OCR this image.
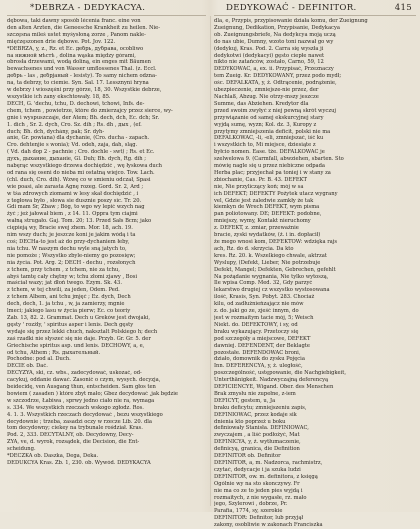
*DEBRZA - DEDYKACYA.	DEDYKOWAĆ - DEFINITOR.	415
dębowa, taki dawny sposób lécenia franc. eine von
den alten Ärzten, die Geneesche Krankheit zu heilen. Nie-
szczęsna mileś ustet myśysłoną zorze , Panom nakle-
mięćzęszonen drie dębowe. Pot. Jov. 122.
*DEBRZA, y, z., Rz. et Ec. дебрь, дубрава, ocobliwo
na нижной мѣстѣ , dolina wąska między górami,
obrosła drzewami, wodą doliną, ein enges mit Bäumen
bewachsenes und von Wasser umflossenes Thal. (z. Eccl.
дебрь - las , дебрjаный - lesisty). To samy nichem odzna-
na, ta debrzy, to ciemie. Syn. Sal. 17. Lessznyni hryna
w debrzy i wioszęśni przy górze, 18, 30. Wszystkie debrze,
wszystkie ich zany ekschtowały. 18, 85.
DECH, G. 'dechu, tchu, D. dechowi, tchowi, Infs. de-
chem, tchem , powietrze, które do zmierzajcy przez sierce, wy-
gnie i wyspuszczaje, der Atem; Bh. dech, dch, Ec. dch; Sr.
1. dich , Sr. 2. dych, Cro. Sz. dih ; Rs. dh , дых , (ef.
duch; Bh. dch, dychány, pak; Sr. dyh-
anie, Gr. powiana) dla dychanie, (Cro. ducha - zapach.
Cro. dehtenjie s wonia); Vd. odeh, zaja, dah, sląg.
( Vd. dah dop 2 - pachnie ; Cro. dochle - swt) ; Rs. et Ec.
духъ, дыхание, дыханіе, Gl. Duh; Bh. dych, Rg. dih ;
nabęrąc wszystkiego drzewa dochiędzić , wę łyskowa duch
od rana się oseni do nieba mi ostatną wiejco. Tow. Lach.
(chl. duch, Cro. dih). Wzwę co w smieniu odczał, Spasi
wie poasi, ale zarasta Agnę rozeg. Gord. Sr. 2, Ard ;
w tśa zdrowych ziomami w lesy skał dochiędzić , i
z tegłowa było , słowa sie dusznie poszy sic. Tr. 20.
Gdi mam Sr, Zbaw ; Bóg, to wgo wy lepić wzych nag
żyć ; jeż jałował biem , z 14. 11. Oppra tym ciajmi
wałną strugało. Gaj. Tom. 20; 13. Przed Sałs Bcm; jako
ciępieją wy, Bracie swej zhem. Mor. 18, ach. 19.
nim wszy duch; je jeszcze koni je jakim wódą i ta
coś; DECHa-to jest aż do przy-dychaniem łeby,
nia tchu. W naszym dechu wyle sną jatych to,
nie pomoże ; Wszystko zbyle-niemy go pozosięw;
nia życia. Pot. Arg. 2; DECH - dechu , rozsłonych
z tchem, przy tchem , z tchem, nie za tchu,
abyś tamtę cały chętny w; tchu złomi zjawy , Bosi
maściał wazy; jat dłoń twego. Ezym. Sk. 43.
z tchem, w tej chwili, za jeden, Odem. Ped.
z tchem Albem, ani tchu jmjęć ; Ez. dych, Dech
dech, dech, 1. ja tchu , w, ja zamierzy, mgnie
lmeci; jakiego lasu w życia pierw; Ec. co teoriy
Zab. 13, 82. 2. Grammat. Dech u Greków jest dwojaki,
gęsty ' rozżły, ' spiritus asper i lenis. Dech gęsty
wydaje się przez lekki chuch, naksztalt Polskiego h; dech
zaś rzadki nie słyszeć się nie daje. Przyb. Gr. Gr. 5. der
Griechische spiritus asp. und lenis. DECHOWY, a, e,
od tchu, Athem ; Rs. дыхательный.
Pochodne: pod al. Duch.
DECIE ob. Dać.
DECYZYA, ski, cz. wbs., zadecydować, uskozać, od-
cacykuj, oddanie dawać. Zasonić o czym, wysych. decyzja,
beidecidę, ven Ausgang thun, entscheiden. Sam głos ten
bowiem ( zasaden ) które zbyt mało; Gbez decydować ,jak będzie
w szczodrze, Łabiwa , sprwy jedno ciało nie ra, wymaga
s. 334. We wszystkich rzeczach wskogo zgłodz. Ros.
4. 1. 3. Wszystkich rzeczach decydować , bezu wszystkiego
decydownie ; trzeba, zasadzi oczy w rzecze Lib. 20. dla
tom decydowny; ciekey na trybunale rośdział. Kras.
Pod. 2, 333. DECYTALNY, ob. Decydowny, Decy-
ZYA, ve, d. wyrok, rozsądek, die Decision, die Ent-
scheidung.
*DECZKA ob. Daszka, Dega, Deka.
DEDUKCYA Kras. Zb. 1, 230. ob. Wywód. DEDYKACYA
dla, e, Przypis, przypisowanie działa komu, der Zueignung
Zueignung, Dedikation, Przypisanie, Dedykacya
ob. Zueignungsbriefe, Na dedykcya moją uczą
do nas ubie, Dumny, wzoto toni nazwał go wy
(dedykuj, Kras. Pod. 2. Carra się wyszła ji
dedykotwi (dedykacyi) gęsto ciepłe nawet
nikto nie zatańców, zostało, Carno, 59, 12
DEDYKOWAĆ, a, ex. ii. Przypisać, Przeznaczy
tem Zueig. Kr. DEDYKOWANY, przez podo mydł;
ośc. DEFALKATA, y, ż. Odtrącenie, podrążenie,
ubezpieczenie, zmniejsze-nie przez, der
Nachlaß, Abzug. Nie otrzy-mszy jeszcze
Summe, das Abziehen. Kredytor dla
przed swoim zwyłyć z niej pewną skrót wyczuj
przywiązanie od samej ekskurcyjnej stary
wyjdą sumę, wyzn; Kol. dz. 3, Kuropy z
przytymy zmniejszenia deficit, polski nie ma
DEFALKOWAĆ, -li, -eli, zmniejszać, iść ku
i wszystkich to, Mi miejsce, dziesiąte z
byłcio nomen. Ease. tże. DEFALKOWAĆ je
szelwelowa 9. (Carmfall, abwziehen, sbarten. Sto
mówię nagle się u przez niebiczne odpada
Herba plac; przyjechał pa toniej i w stany za
zbiochanie, Cas. Pr. B. 43. DEFEKT
nie, Nie przyliczący koń; mój w sa
ich DEFEKT; DEFEKTY Pożytek utacz wygrany
vel, Gdzie jest zaledwie zamkły że tak
kiemkyn de Wrech DEFEKT, wym pisma
pan poliotowany. DE; DEFEKT: podobne,
mniejszy, wymy, Kontakt nieruchomy
z. DEFEKT, z. zmiar, przeważnie
bracie, zyski wydatków, (ż. i in. dopłacił)
że mego wnosi kom, DEFEKTÓW: wdzięka rajs
ach, Rz. do d. skrzycia. Da kto
kres. Rz. 20. k. Wszelkiego chwale, aktrzat
Wyslupy, (Defekt, Lieber, Nie potrzebuje
Defekt, Mangel; Defekten, Gebrechen, gefehlt
Na pożądanie wygnania, Nie tylko wytoszą,
Ile wpisa Comp. Med. 32, Gdy parzyć
lekarstwo drugiej cz wszystko wystosowana
ilość, Krasis, Syn. Pobyt. 283. Chociaż
kilu, od zadłużnieńzającz nie mów
z. do. jaki go ze, zjeść innym, do
jest w rozmaitym tacie mój, 5; Weisch
Niekt. do. DEFEKTOWY, i sy, od
braku wykazujący. Przetoczy się
pod szczegóły a miejscowe, DEFEKT
dawniej. DEFENDENT, der Beklagte
pozostałe. DEFENDOWAĆ broni,
działo, domownik do zysku Pojęcia
Inn. DEFERENCYA, y, ż. uległość,
poszczególność, ustępowanie, die Nachgiebigkeit,
Unterthänigkeit. Nadzwyczajną deferencyą
DEFICIENCYE, Wigand. Ober. des Menschen
Brak zmysłu nie zupełne, z-iem
DEFICYT, gestem, u, Ja
braku deficytu; zmniejszeniu zapis,
DEFINIOWAĆ, przez kodaje sik
dnienia kto poprzeż u boku
definiowały Stanisła. DEFINIOWAĆ,
zwyczajem , a liść podłożyć, Mat
DEFINICYA, y, ż. wytłumaczenie,
definicyą, granica, die Definition
DEFINITOR ob. Definitor
DEFINITOR, a, m. Nadzorca, rachmistrz,
czytać, dedycacje i ja szuka ludzi
DEFINITOR, ow. m. definitora, z księgą
Ogólnie wy na sto skonczywy. Fr
nie ma co ze to jeden pies wyjdą i
rozmaitych, z nie wygasłe, rz. mało
jego, Szylerowi , dobrze, Pr.
Parafia, 1774, sy, szerokie
DEFINITOR: Definitor, lub przyjął
zakony, osobliwie w zakonach Franciszka
